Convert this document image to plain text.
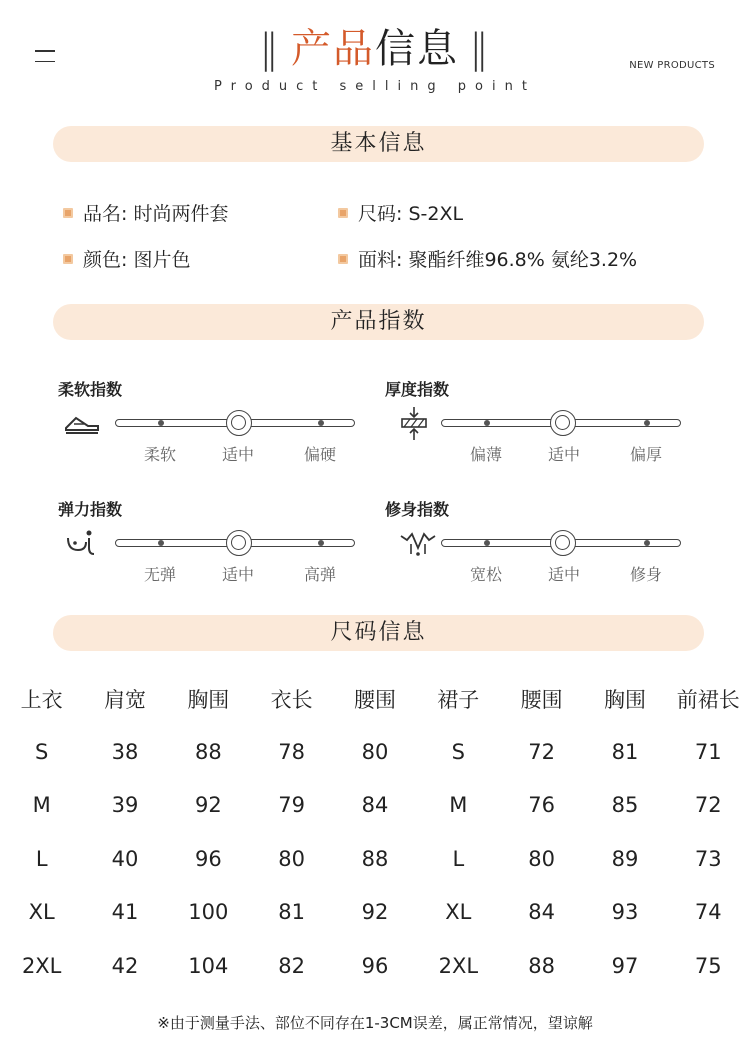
‖ 产品信息 ‖
Product selling point
NEW PRODUCTS
基本信息
品名: 时尚两件套	尺码: S-2XL
颜色: 图片色	面料: 聚酯纤维96.8% 氨纶3.2%
产品指数
柔软指数
柔软	适中	偏硬
厚度指数
偏薄	适中	偏厚
弹力指数
无弹	适中	高弹
修身指数
宽松	适中	修身
尺码信息
上衣	肩宽	胸围	衣长	腰围	裙子	腰围	胸围	前裙长
S	38	88	78	80	S	72	81	71
M	39	92	79	84	M	76	85	72
L	40	96	80	88	L	80	89	73
XL	41	100	81	92	XL	84	93	74
2XL	42	104	82	96	2XL	88	97	75
※由于测量手法、部位不同存在1-3CM误差，属正常情况，望谅解
